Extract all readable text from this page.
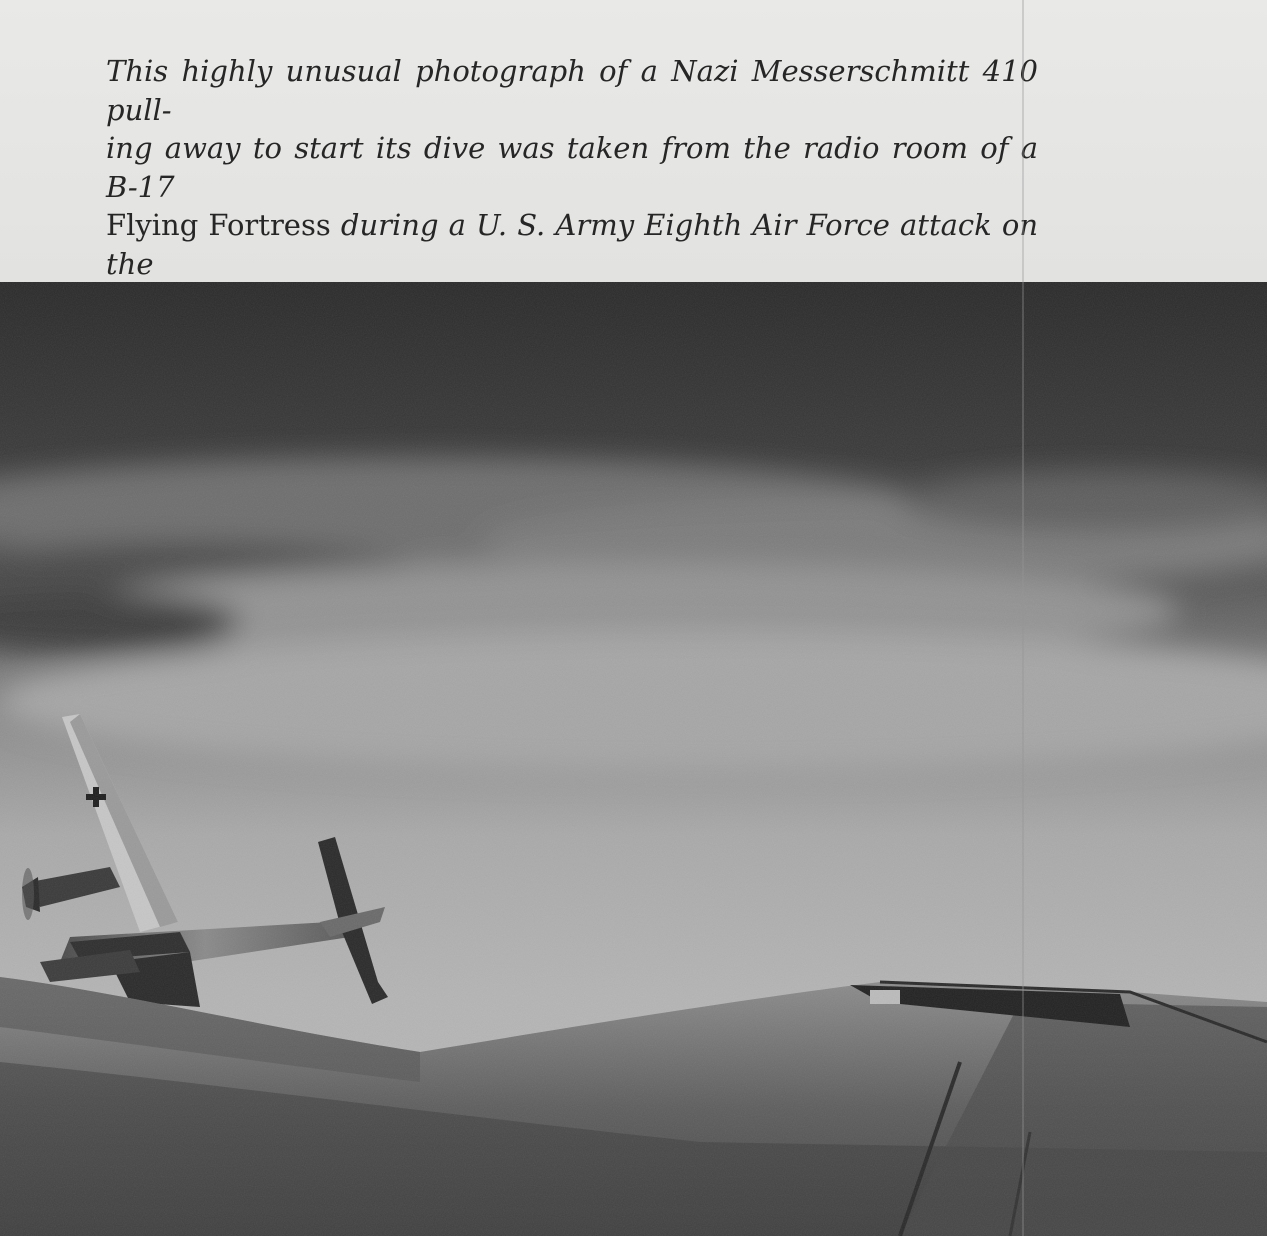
This highly unusual photograph of a Nazi Messerschmitt 410 pull-
ing away to start its dive was taken from the radio room of a B-17
Flying Fortress during a U. S. Army Eighth Air Force attack on the
